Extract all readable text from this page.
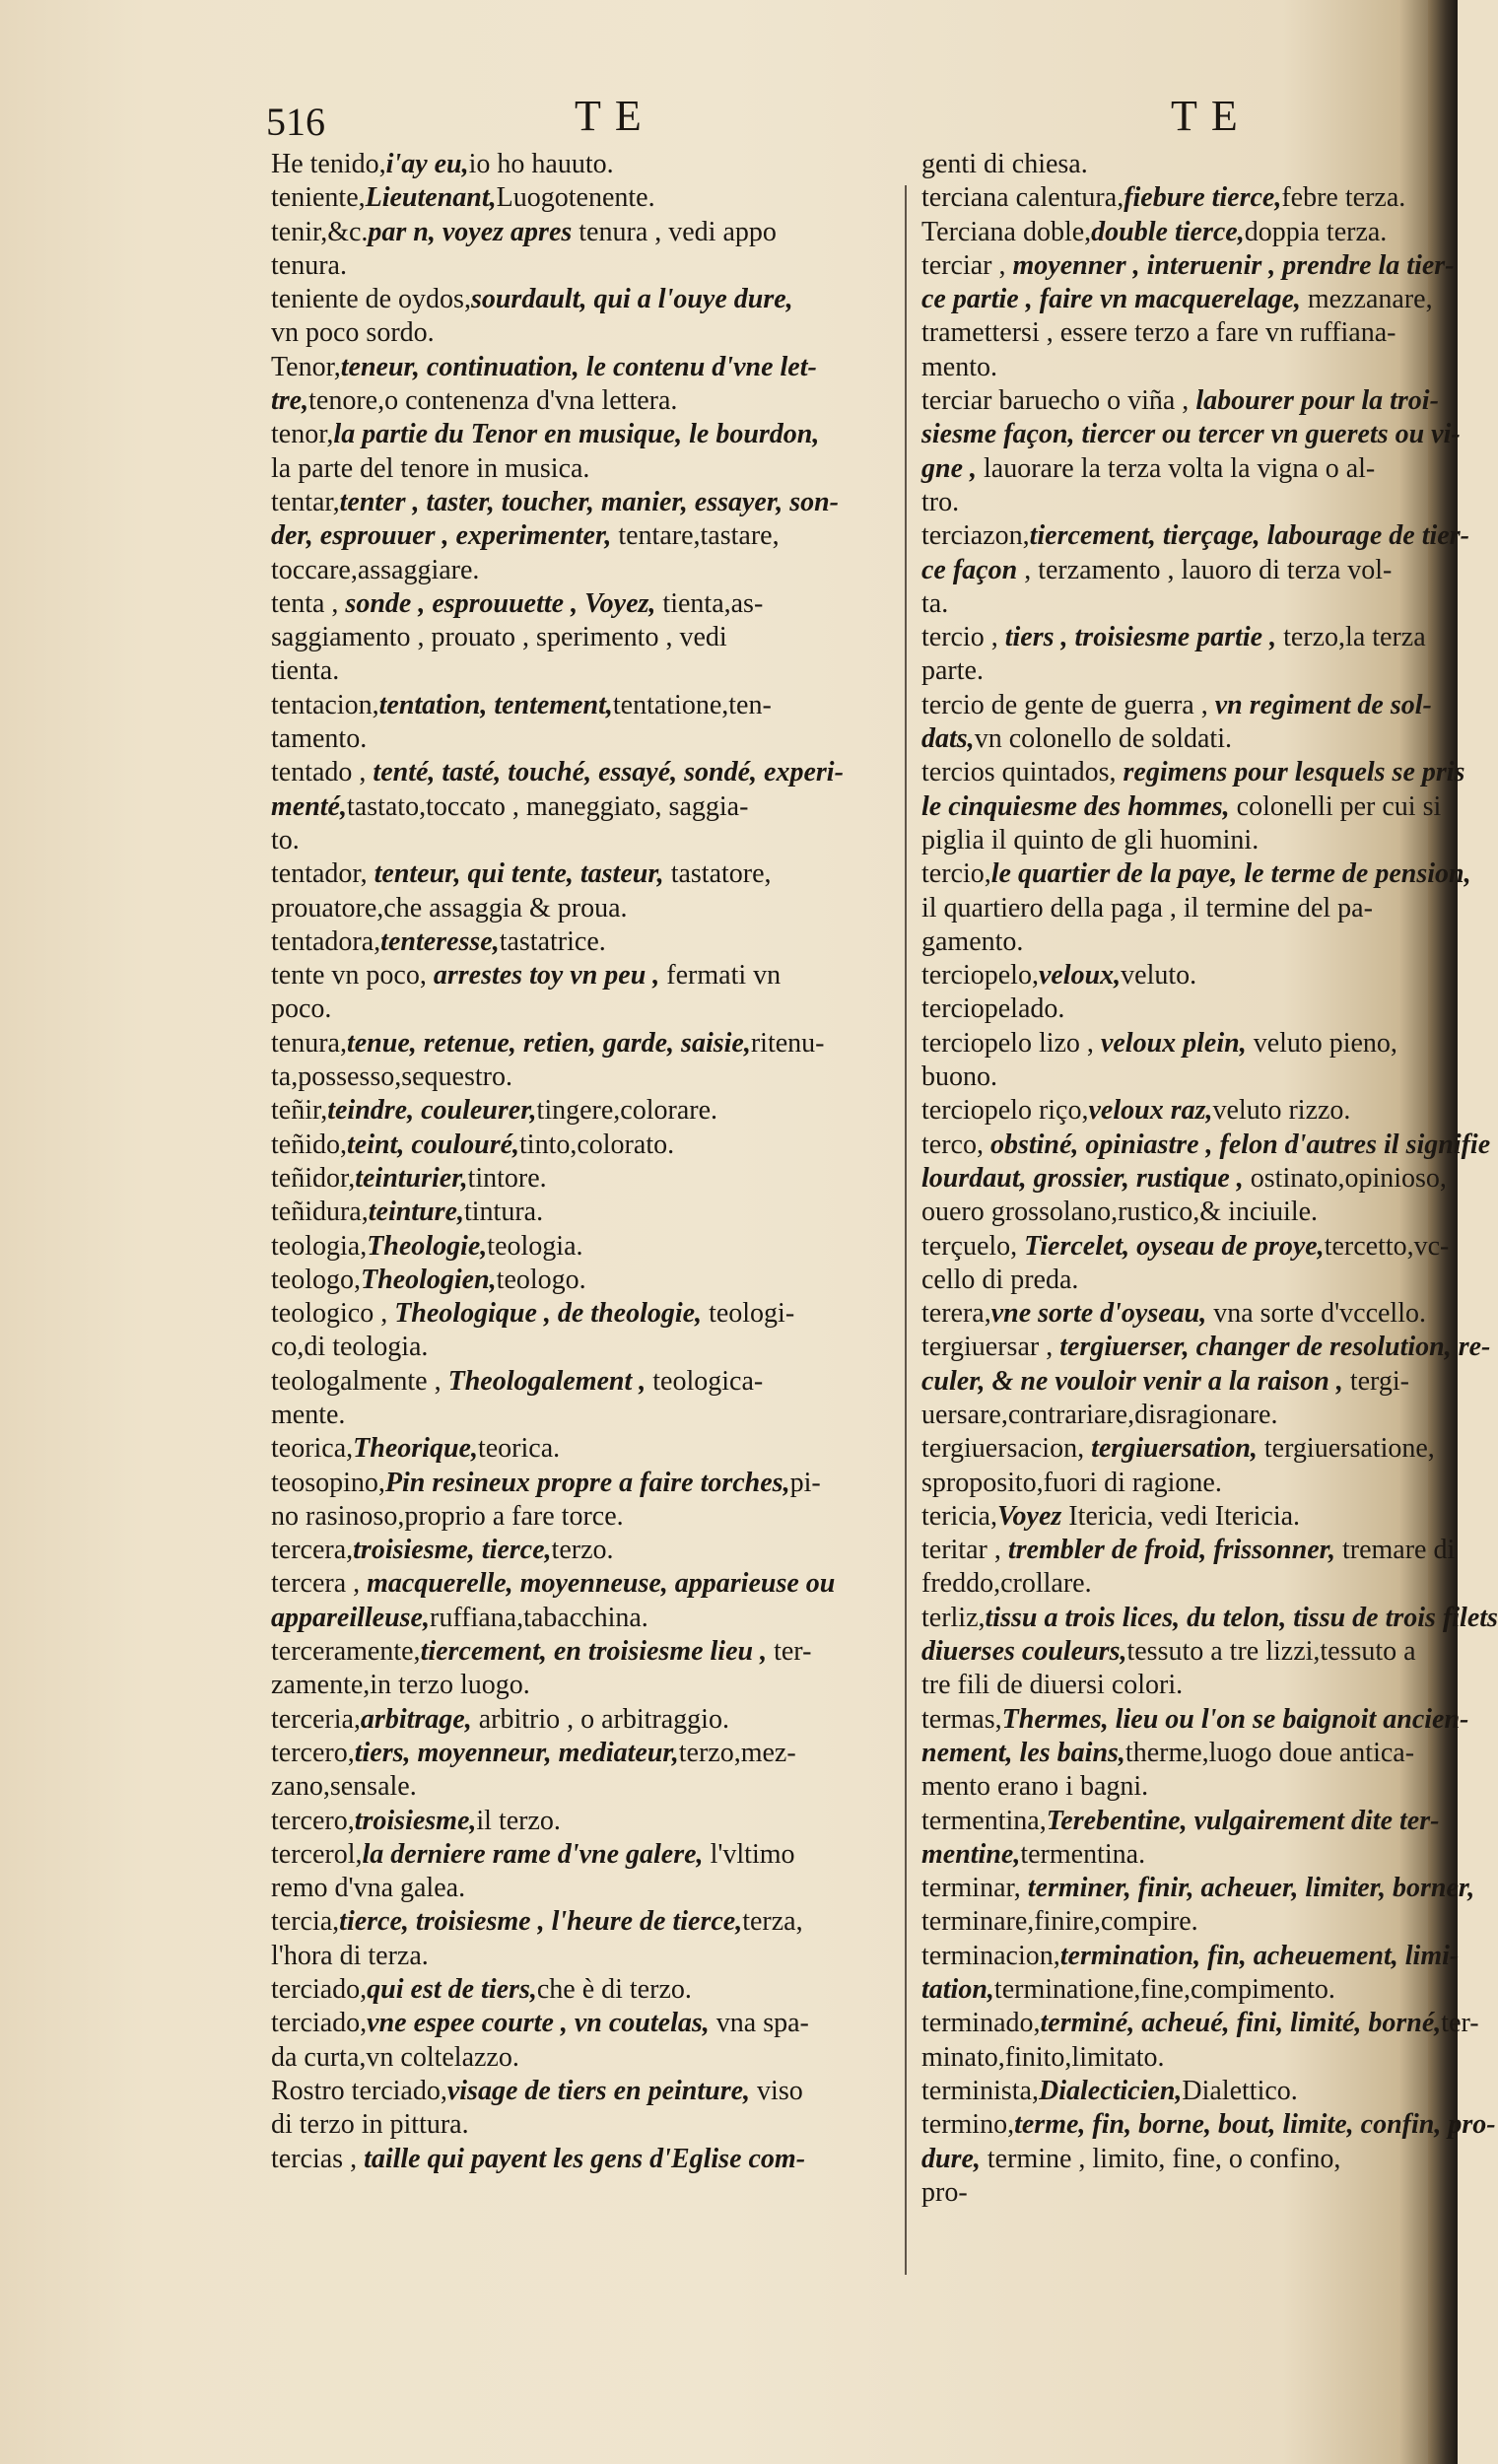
516	TE	TE
He tenido,i'ay eu,io ho hauuto.
teniente,Lieutenant,Luogotenente.
tenir,&c.par n, voyez apres tenura , vedi appo
tenura.
teniente de oydos,sourdault, qui a l'ouye dure,
vn poco sordo.
Tenor,teneur, continuation, le contenu d'vne let-
tre,tenore,o contenenza d'vna lettera.
tenor,la partie du Tenor en musique, le bourdon,
la parte del tenore in musica.
tentar,tenter , taster, toucher, manier, essayer, son-
der, esprouuer , experimenter, tentare,tastare,
toccare,assaggiare.
tenta , sonde , esprouuette , Voyez, tienta,as-
saggiamento , prouato , sperimento , vedi
tienta.
tentacion,tentation, tentement,tentatione,ten-
tamento.
tentado , tenté, tasté, touché, essayé, sondé, experi-
menté,tastato,toccato , maneggiato, saggia-
to.
tentador, tenteur, qui tente, tasteur, tastatore,
prouatore,che assaggia & proua.
tentadora,tenteresse,tastatrice.
tente vn poco, arrestes toy vn peu , fermati vn
poco.
tenura,tenue, retenue, retien, garde, saisie,ritenu-
ta,possesso,sequestro.
teñir,teindre, couleurer,tingere,colorare.
teñido,teint, coulouré,tinto,colorato.
teñidor,teinturier,tintore.
teñidura,teinture,tintura.
teologia,Theologie,teologia.
teologo,Theologien,teologo.
teologico , Theologique , de theologie, teologi-
co,di teologia.
teologalmente , Theologalement , teologica-
mente.
teorica,Theorique,teorica.
teosopino,Pin resineux propre a faire torches,pi-
no rasinoso,proprio a fare torce.
tercera,troisiesme, tierce,terzo.
tercera , macquerelle, moyenneuse, apparieuse ou
appareilleuse,ruffiana,tabacchina.
terceramente,tiercement, en troisiesme lieu , ter-
zamente,in terzo luogo.
terceria,arbitrage, arbitrio , o arbitraggio.
tercero,tiers, moyenneur, mediateur,terzo,mez-
zano,sensale.
tercero,troisiesme,il terzo.
tercerol,la derniere rame d'vne galere, l'vltimo
remo d'vna galea.
tercia,tierce, troisiesme , l'heure de tierce,terza,
l'hora di terza.
terciado,qui est de tiers,che è di terzo.
terciado,vne espee courte , vn coutelas, vna spa-
da curta,vn coltelazzo.
Rostro terciado,visage de tiers en peinture, viso
di terzo in pittura.
tercias , taille qui payent les gens d'Eglise com-
genti di chiesa.
terciana calentura,fiebure tierce,febre terza.
Terciana doble,double tierce,doppia terza.
terciar , moyenner , interuenir , prendre la tier-
ce partie , faire vn macquerelage, mezzanare,
tramettersi , essere terzo a fare vn ruffiana-
mento.
terciar baruecho o viña , labourer pour la troi-
siesme façon, tiercer ou tercer vn guerets ou vi-
gne , lauorare la terza volta la vigna o al-
tro.
terciazon,tiercement, tierçage, labourage de tier-
ce façon , terzamento , lauoro di terza vol-
ta.
tercio , tiers , troisiesme partie , terzo,la terza
parte.
tercio de gente de guerra , vn regiment de sol-
dats,vn colonello de soldati.
tercios quintados, regimens pour lesquels se pris
le cinquiesme des hommes, colonelli per cui si
piglia il quinto de gli huomini.
tercio,le quartier de la paye, le terme de pension,
il quartiero della paga , il termine del pa-
gamento.
terciopelo,veloux,veluto.
terciopelado.
terciopelo lizo , veloux plein, veluto pieno,
buono.
terciopelo riço,veloux raz,veluto rizzo.
terco, obstiné, opiniastre , felon d'autres il signifie
lourdaut, grossier, rustique , ostinato,opinioso,
ouero grossolano,rustico,& inciuile.
terçuelo, Tiercelet, oyseau de proye,tercetto,vc-
cello di preda.
terera,vne sorte d'oyseau, vna sorte d'vccello.
tergiuersar , tergiuerser, changer de resolution, re-
culer, & ne vouloir venir a la raison , tergi-
uersare,contrariare,disragionare.
tergiuersacion, tergiuersation, tergiuersatione,
sproposito,fuori di ragione.
tericia,Voyez Itericia, vedi Itericia.
teritar , trembler de froid, frissonner, tremare di
freddo,crollare.
terliz,tissu a trois lices, du telon, tissu de trois filets
diuerses couleurs,tessuto a tre lizzi,tessuto a
tre fili de diuersi colori.
termas,Thermes, lieu ou l'on se baignoit ancien-
nement, les bains,therme,luogo doue antica-
mento erano i bagni.
termentina,Terebentine, vulgairement dite ter-
mentine,termentina.
terminar, terminer, finir, acheuer, limiter, borner,
terminare,finire,compire.
terminacion,termination, fin, acheuement, limi-
tation,terminatione,fine,compimento.
terminado,terminé, acheué, fini, limité, borné,ter-
minato,finito,limitato.
terminista,Dialecticien,Dialettico.
termino,terme, fin, borne, bout, limite, confin, pro-
dure, termine , limito, fine, o confino,
pro-
